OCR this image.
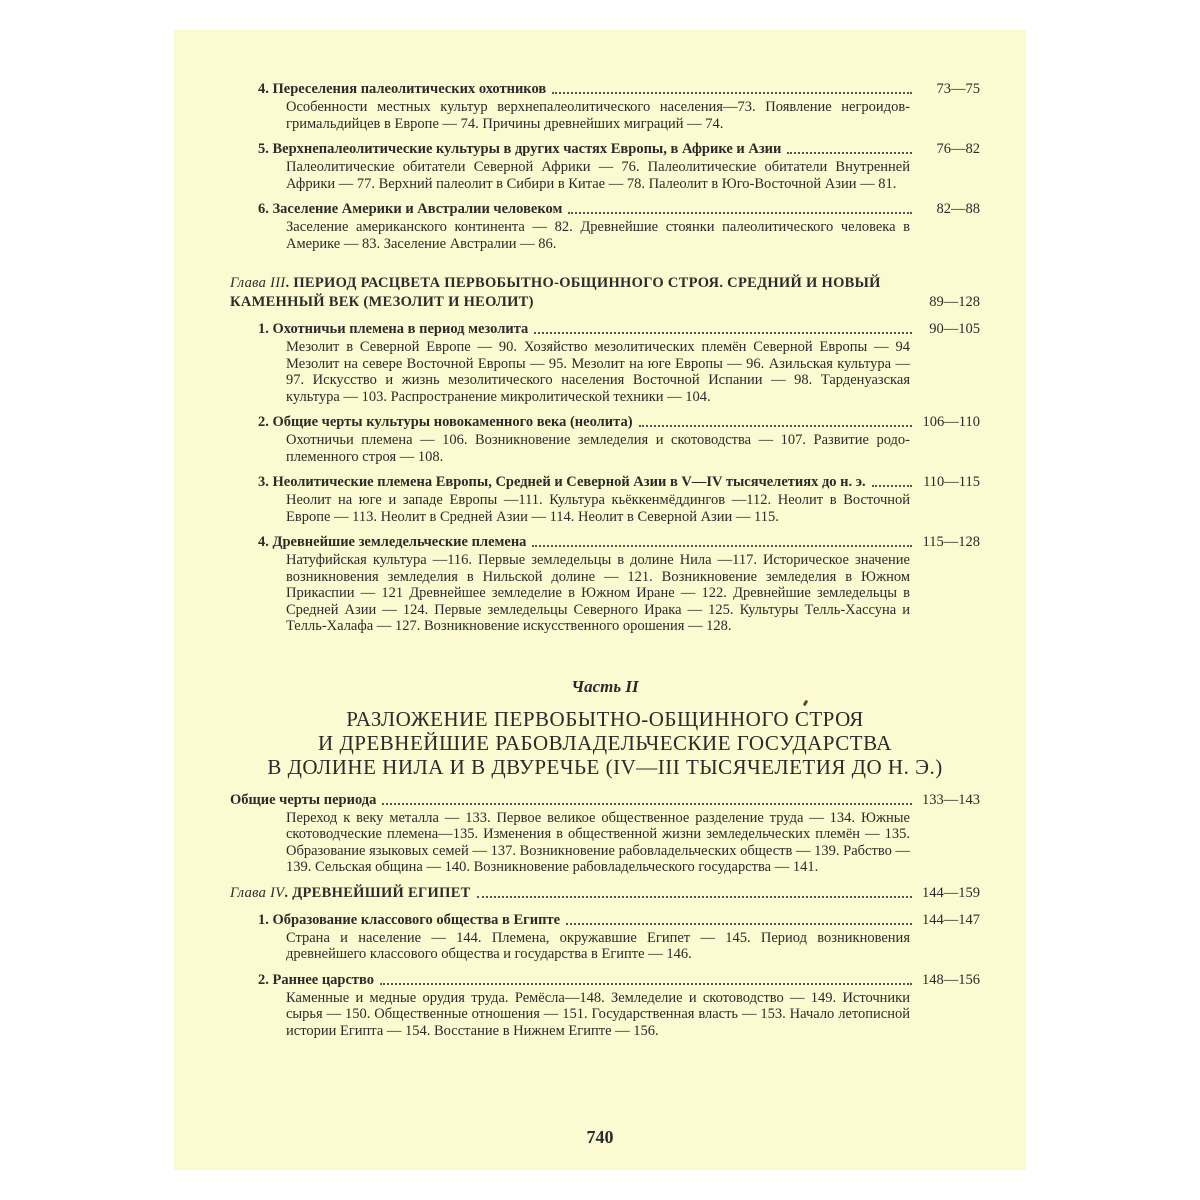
4. Переселения палеолитических охотников	73—75
Особенности местных культур верхнепалеолитического населения—73. Появление негроидов-гримальдийцев в Европе — 74. Причины древнейших миграций — 74.
5. Верхнепалеолитические культуры в других частях Европы, в Африке и Азии	76—82
Палеолитические обитатели Северной Африки — 76. Палеолитические обитатели Внутренней Африки — 77. Верхний палеолит в Сибири в Китае — 78. Палеолит в Юго-Восточной Азии — 81.
6. Заселение Америки и Австралии человеком	82—88
Заселение американского континента — 82. Древнейшие стоянки палеолитического человека в Америке — 83. Заселение Австралии — 86.
Глава III. ПЕРИОД РАСЦВЕТА ПЕРВОБЫТНО-ОБЩИННОГО СТРОЯ. СРЕДНИЙ И НОВЫЙ КАМЕННЫЙ ВЕК (МЕЗОЛИТ И НЕОЛИТ)	89—128
1. Охотничьи племена в период мезолита	90—105
Мезолит в Северной Европе — 90. Хозяйство мезолитических племён Северной Европы — 94 Мезолит на севере Восточной Европы — 95. Мезолит на юге Европы — 96. Азильская культура — 97. Искусство и жизнь мезолитического населения Восточной Испании — 98. Тарденуазская культура — 103. Распространение микролитической техники — 104.
2. Общие черты культуры новокаменного века (неолита)	106—110
Охотничьи племена — 106. Возникновение земледелия и скотоводства — 107. Развитие родо-племенного строя — 108.
3. Неолитические племена Европы, Средней и Северной Азии в V—IV тысячелетиях до н. э.	110—115
Неолит на юге и западе Европы —111. Культура кьёккенмёддингов —112. Неолит в Восточной Европе — 113. Неолит в Средней Азии — 114. Неолит в Северной Азии — 115.
4. Древнейшие земледельческие племена	115—128
Натуфийская культура —116. Первые земледельцы в долине Нила —117. Историческое значение возникновения земледелия в Нильской долине — 121. Возникновение земледелия в Южном Прикаспии — 121 Древнейшее земледелие в Южном Иране — 122. Древнейшие земледельцы в Средней Азии — 124. Первые земледельцы Северного Ирака — 125. Культуры Телль-Хассуна и Телль-Халафа — 127. Возникновение искусственного орошения — 128.
Часть II
РАЗЛОЖЕНИЕ ПЕРВОБЫТНО-ОБЩИННОГО СТРОЯ
И ДРЕВНЕЙШИЕ РАБОВЛАДЕЛЬЧЕСКИЕ ГОСУДАРСТВА
В ДОЛИНЕ НИЛА И В ДВУРЕЧЬЕ (IV—III ТЫСЯЧЕЛЕТИЯ ДО Н. Э.)
Общие черты периода	133—143
Переход к веку металла — 133. Первое великое общественное разделение труда — 134. Южные скотоводческие племена—135. Изменения в общественной жизни земледельческих племён — 135. Образование языковых семей — 137. Возникновение рабовладельческих обществ — 139. Рабство — 139. Сельская община — 140. Возникновение рабовладельческого государства — 141.
Глава IV. ДРЕВНЕЙШИЙ ЕГИПЕТ	144—159
1. Образование классового общества в Египте	144—147
Страна и население — 144. Племена, окружавшие Египет — 145. Период возникновения древнейшего классового общества и государства в Египте — 146.
2. Раннее царство	148—156
Каменные и медные орудия труда. Ремёсла—148. Земледелие и скотоводство — 149. Источники сырья — 150. Общественные отношения — 151. Государственная власть — 153. Начало летописной истории Египта — 154. Восстание в Нижнем Египте — 156.
740
